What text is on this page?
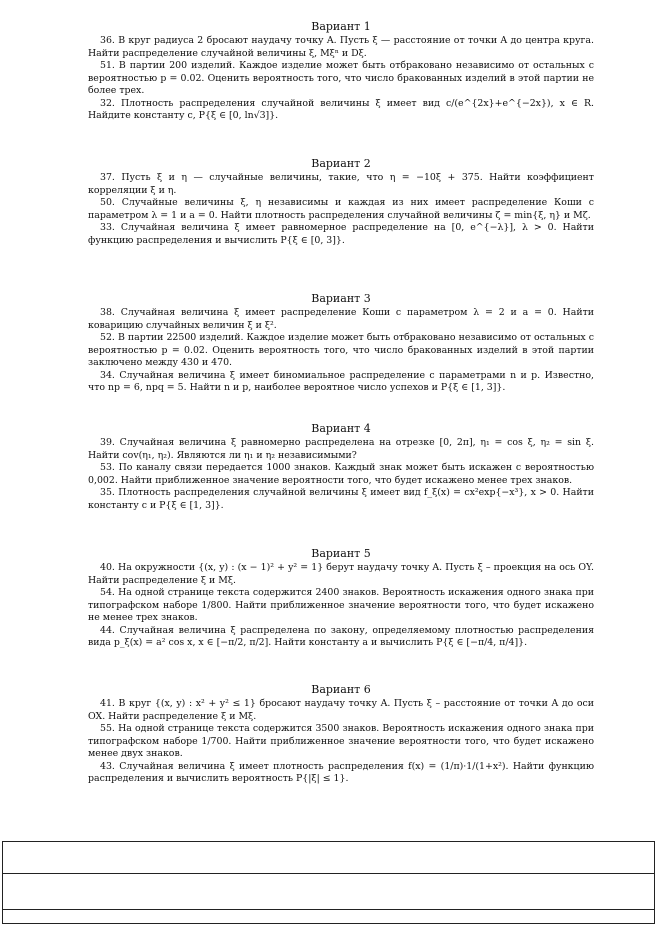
Вариант 1

36. В круг радиуса 2 бросают наудачу точку A. Пусть ξ — расстояние от точки A до центра круга. Найти распределение случайной величины ξ, Mξⁿ и Dξ.

51. В партии 200 изделий. Каждое изделие может быть отбраковано независимо от остальных с вероятностью p = 0.02. Оценить вероятность того, что число бракованных изделий в этой партии не более трех.

32. Плотность распределения случайной величины ξ имеет вид c/(e^{2x}+e^{−2x}), x ∈ R. Найдите константу c, P{ξ ∈ [0, ln√3]}.

Вариант 2

37. Пусть ξ и η — случайные величины, такие, что η = −10ξ + 375. Найти коэффициент корреляции ξ и η.

50. Случайные величины ξ, η независимы и каждая из них имеет распределение Коши с параметром λ = 1 и a = 0. Найти плотность распределения случайной величины ζ = min{ξ, η} и Mζ.

33. Случайная величина ξ имеет равномерное распределение на [0, e^{−λ}], λ > 0. Найти функцию распределения и вычислить P{ξ ∈ [0, 3]}.

Вариант 3

38. Случайная величина ξ имеет распределение Коши с параметром λ = 2 и a = 0. Найти коварицию случайных величин ξ и ξ².

52. В партии 22500 изделий. Каждое изделие может быть отбраковано независимо от остальных с вероятностью p = 0.02. Оценить вероятность того, что число бракованных изделий в этой партии заключено между 430 и 470.

34. Случайная величина ξ имеет биномиальное распределение с параметрами n и p. Известно, что np = 6, npq = 5. Найти n и p, наиболее вероятное число успехов и P{ξ ∈ [1, 3]}.

Вариант 4

39. Случайная величина ξ равномерно распределена на отрезке [0, 2π], η₁ = cos ξ, η₂ = sin ξ. Найти cov(η₁, η₂). Являются ли η₁ и η₂ независимыми?

53. По каналу связи передается 1000 знаков. Каждый знак может быть искажен с вероятностью 0,002. Найти приближенное значение вероятности того, что будет искажено менее трех знаков.

35. Плотность распределения случайной величины ξ имеет вид f_ξ(x) = cx²exp{−x³}, x > 0. Найти константу c и P{ξ ∈ [1, 3]}.

Вариант 5

40. На окружности {(x, y) : (x − 1)² + y² = 1} берут наудачу точку A. Пусть ξ – проекция на ось OY. Найти распределение ξ и Mξ.

54. На одной странице текста содержится 2400 знаков. Вероятность искажения одного знака при типографском наборе 1/800. Найти приближенное значение вероятности того, что будет искажено не менее трех знаков.

44. Случайная величина ξ распределена по закону, определяемому плотностью распределения вида p_ξ(x) = a² cos x, x ∈ [−π/2, π/2]. Найти константу a и вычислить P{ξ ∈ [−π/4, π/4]}.

Вариант 6

41. В круг {(x, y) : x² + y² ≤ 1} бросают наудачу точку A. Пусть ξ – расстояние от точки A до оси OX. Найти распределение ξ и Mξ.

55. На одной странице текста содержится 3500 знаков. Вероятность искажения одного знака при типографском наборе 1/700. Найти приближенное значение вероятности того, что будет искажено менее двух знаков.

43. Случайная величина ξ имеет плотность распределения f(x) = (1/π)·1/(1+x²). Найти функцию распределения и вычислить вероятность P{|ξ| ≤ 1}.
